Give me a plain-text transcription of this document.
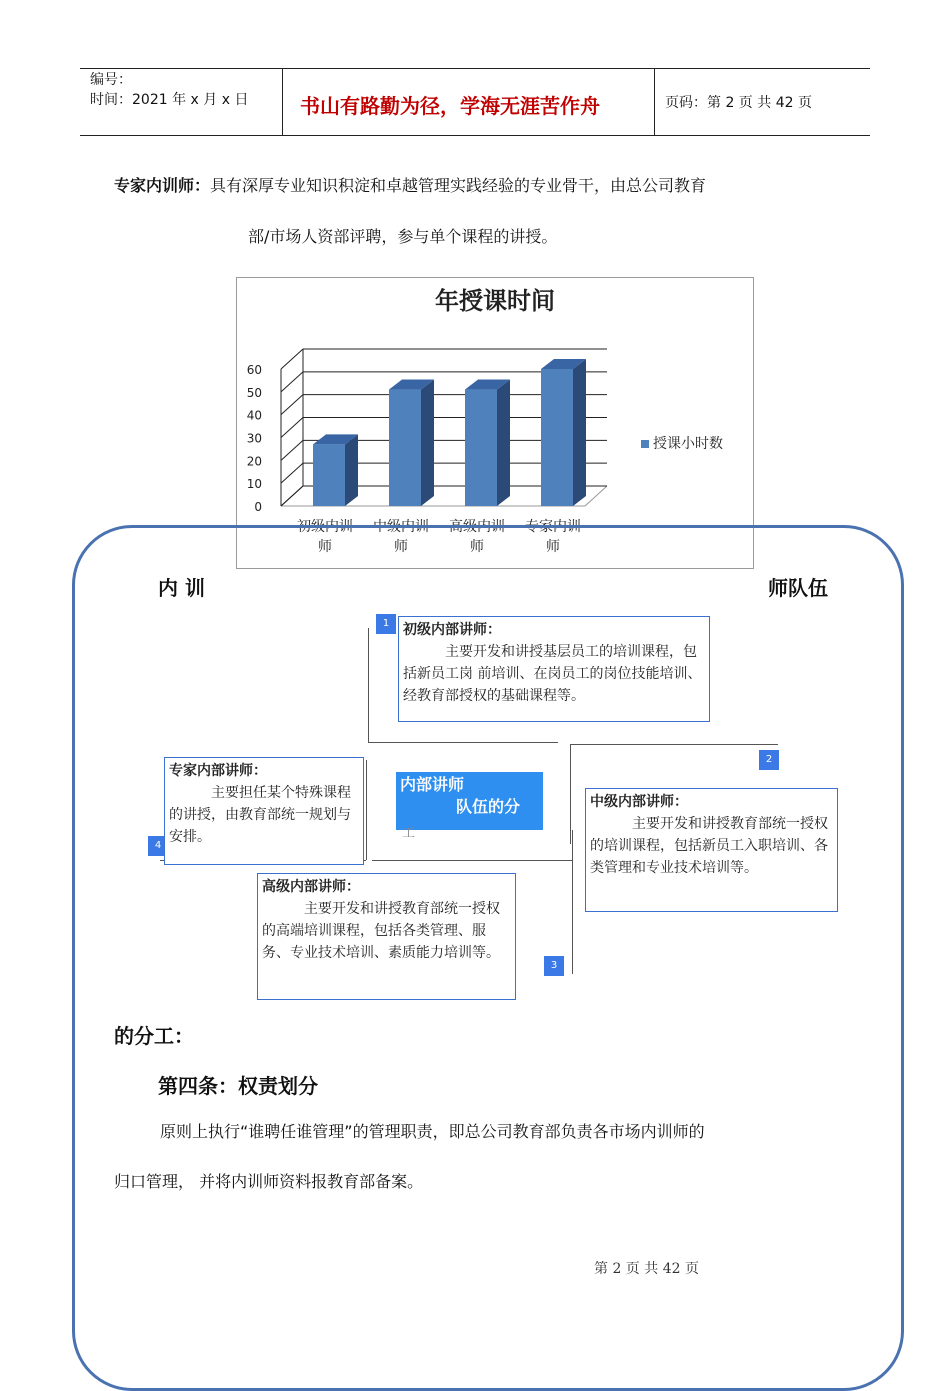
编号：
时间：2021 年 x 月 x 日	书山有路勤为径，学海无涯苦作舟	页码：第 2 页 共 42 页
专家内训师：具有深厚专业知识积淀和卓越管理实践经验的专业骨干，由总公司教育
部/市场人资部评聘，参与单个课程的讲授。
年授课时间
0
10
20
30
40
50
60
初级内训
师
中级内训
师
高级内训
师
专家内训
师
授课小时数
内 训	师队伍
1 初级内部讲师：
主要开发和讲授基层员工的培训课程，包括新员工岗 前培训、在岗员工的岗位技能培训、经教育部授权的基础课程等。
2
中级内部讲师：
主要开发和讲授教育部统一授权的培训课程，包括新员工入职培训、各类管理和专业技术培训等。
3
高级内部讲师：
主要开发和讲授教育部统一授权的高端培训课程，包括各类管理、服务、专业技术培训、素质能力培训等。
4
专家内部讲师：
主要担任某个特殊课程的讲授，由教育部统一规划与安排。
内部讲师
队伍的分
工
的分工：
第四条：权责划分
原则上执行“谁聘任谁管理”的管理职责，即总公司教育部负责各市场内训师的
归口管理， 并将内训师资料报教育部备案。
第 2 页 共 42 页
